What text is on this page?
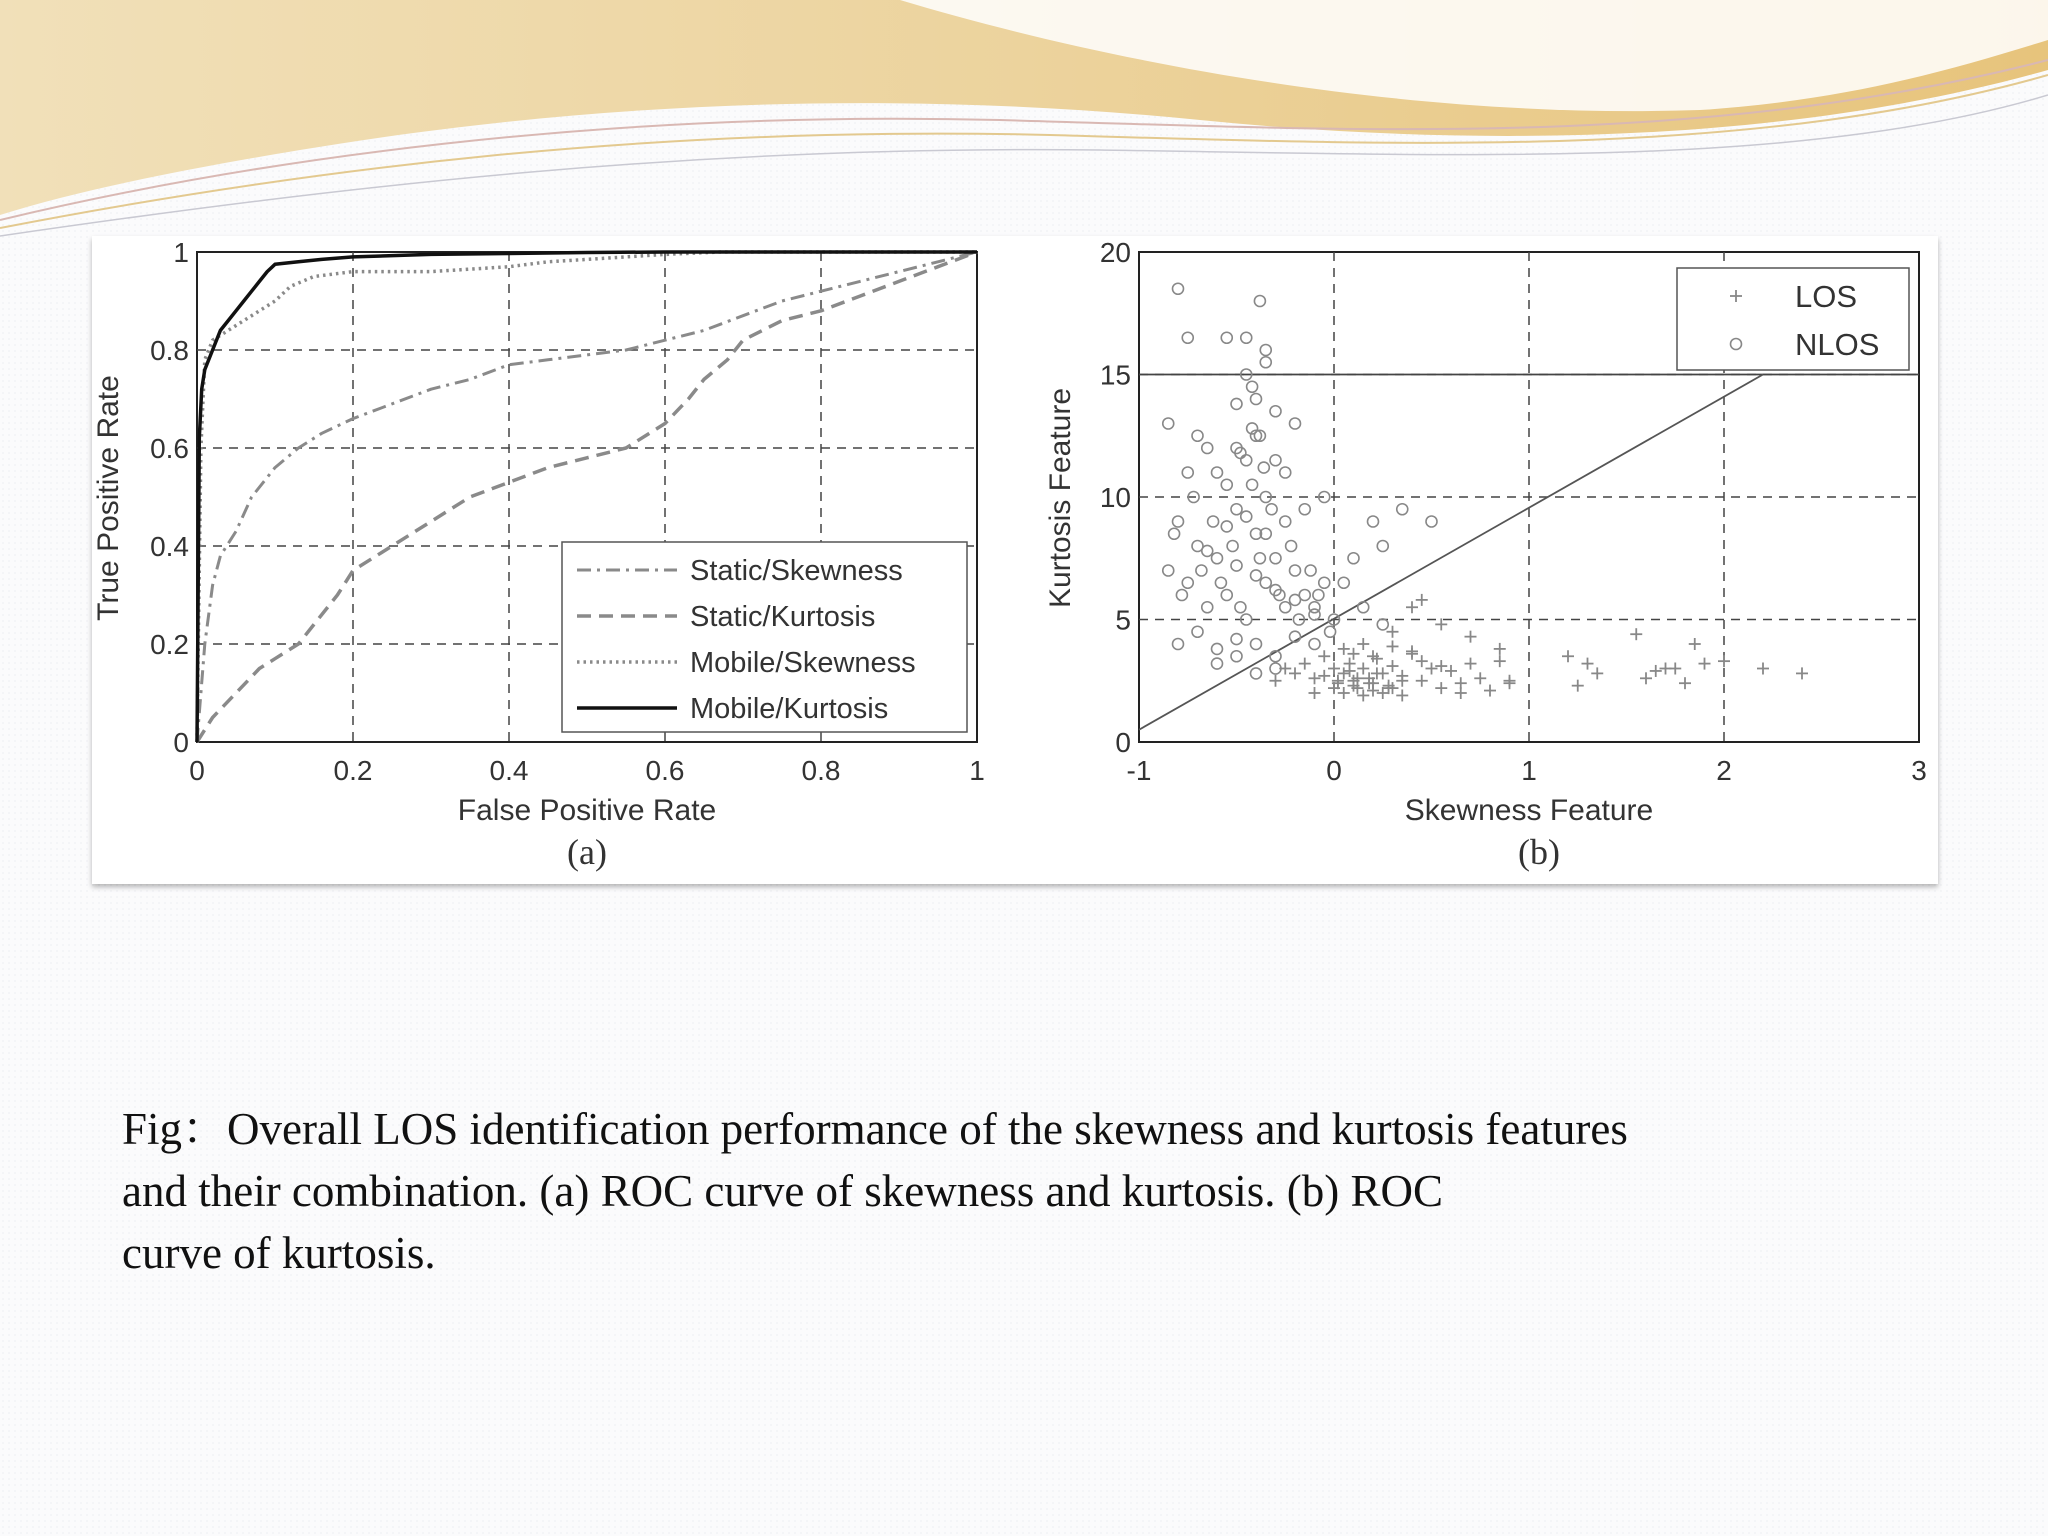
0	0.2	0.4	0.6	0.8	1
0
0.2
0.4
0.6
0.8
1
False Positive Rate
True Positive Rate
(a)
Static/Skewness
Static/Kurtosis
Mobile/Skewness
Mobile/Kurtosis
-1	0	1	2	3
0
5
10
15
20
Skewness Feature
Kurtosis Feature
(b)
LOS
NLOS
Fig：Overall LOS identification performance of the skewness and kurtosis features
and their combination. (a) ROC curve of skewness and kurtosis. (b) ROC
curve of kurtosis.
